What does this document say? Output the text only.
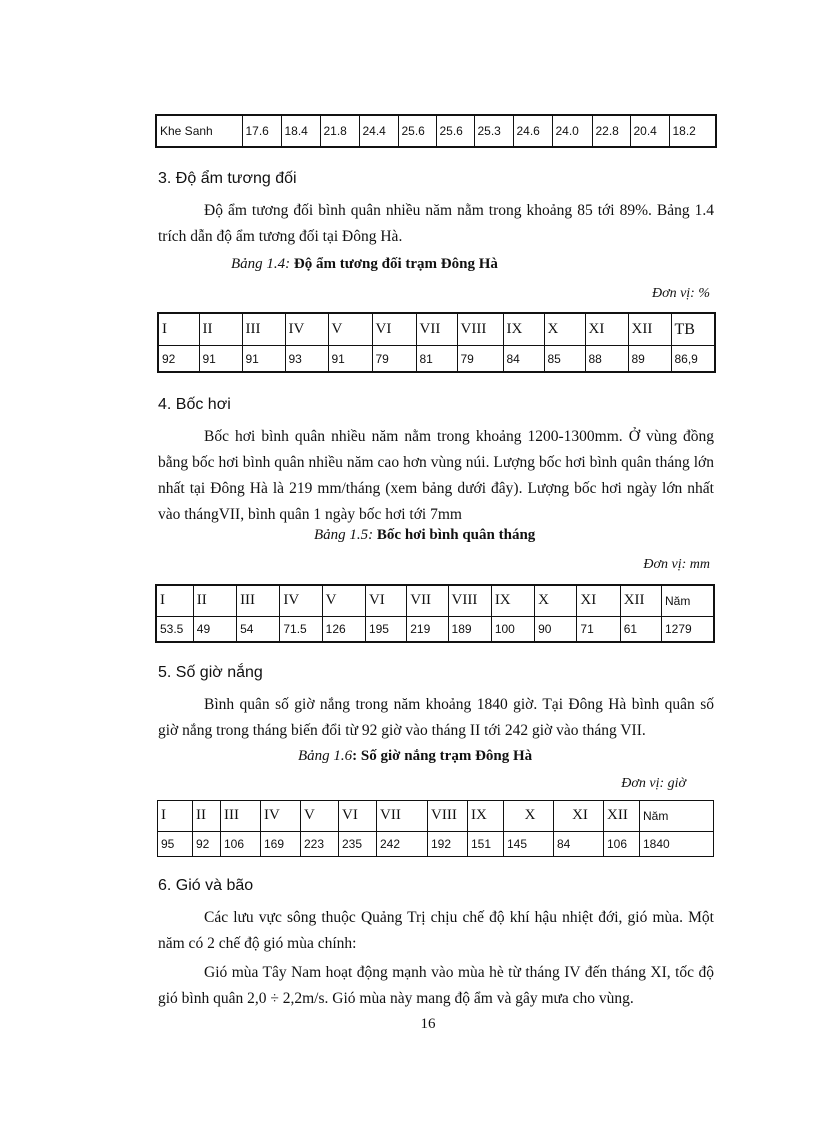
Khe Sanh	17.6	18.4	21.8	24.4	25.6	25.6	25.3	24.6	24.0	22.8	20.4	18.2
3. Độ ẩm tương đối
Độ ẩm tương đối bình quân nhiều năm nằm trong khoảng 85 tới 89%. Bảng 1.4 trích dẫn độ ẩm tương đối tại Đông Hà.
Bảng 1.4: Độ ẩm tương đối trạm Đông Hà
Đơn vị: %
I	II	III	IV	V	VI	VII	VIII	IX	X	XI	XII	TB
92	91	91	93	91	79	81	79	84	85	88	89	86,9
4. Bốc hơi
Bốc hơi bình quân nhiều năm nằm trong khoảng 1200-1300mm. Ở vùng đồng bằng bốc hơi bình quân nhiều năm cao hơn vùng núi. Lượng bốc hơi bình quân tháng lớn nhất tại Đông Hà là 219 mm/tháng (xem bảng dưới đây). Lượng bốc hơi ngày lớn nhất vào thángVII, bình quân 1 ngày bốc hơi tới 7mm
Bảng 1.5: Bốc hơi bình quân tháng
Đơn vị: mm
I	II	III	IV	V	VI	VII	VIII	IX	X	XI	XII	Năm
53.5	49	54	71.5	126	195	219	189	100	90	71	61	1279
5. Số giờ nắng
Bình quân số giờ nắng trong năm khoảng 1840 giờ. Tại Đông Hà bình quân số giờ nắng trong tháng biến đổi từ 92 giờ vào tháng II tới 242 giờ vào tháng VII.
Bảng 1.6: Số giờ nắng trạm Đông Hà
Đơn vị: giờ
I	II	III	IV	V	VI	VII	VIII	IX	X	XI	XII	Năm
95	92	106	169	223	235	242	192	151	145	84	106	1840
6. Gió và bão
Các lưu vực sông thuộc Quảng Trị chịu chế độ khí hậu nhiệt đới, gió mùa. Một năm có 2 chế độ gió mùa chính:
Gió mùa Tây Nam hoạt động mạnh vào mùa hè từ tháng IV đến tháng XI, tốc độ gió bình quân 2,0 ÷ 2,2m/s. Gió mùa này mang độ ẩm và gây mưa cho vùng.
16
